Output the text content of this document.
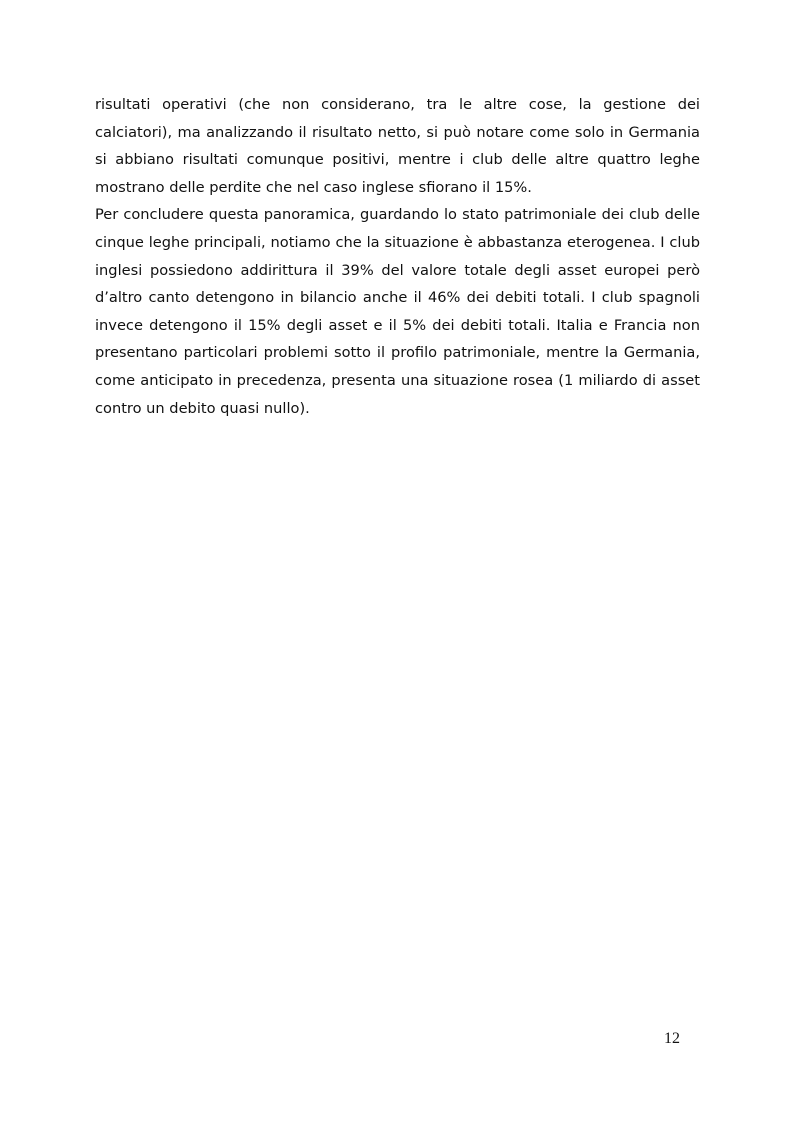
risultati operativi (che non considerano, tra le altre cose, la gestione dei calciatori), ma analizzando il risultato netto, si può notare come solo in Germania si abbiano risultati comunque positivi, mentre i club delle altre quattro leghe mostrano delle perdite che nel caso inglese sfiorano il 15%.

Per concludere questa panoramica, guardando lo stato patrimoniale dei club delle cinque leghe principali, notiamo che la situazione è abbastanza eterogenea. I club inglesi possiedono addirittura il 39% del valore totale degli asset europei però d’altro canto detengono in bilancio anche il 46% dei debiti totali. I club spagnoli invece detengono il 15% degli asset e il 5% dei debiti totali. Italia e Francia non presentano particolari problemi sotto il profilo patrimoniale, mentre la Germania, come anticipato in precedenza, presenta una situazione rosea (1 miliardo di asset contro un debito quasi nullo).

12
